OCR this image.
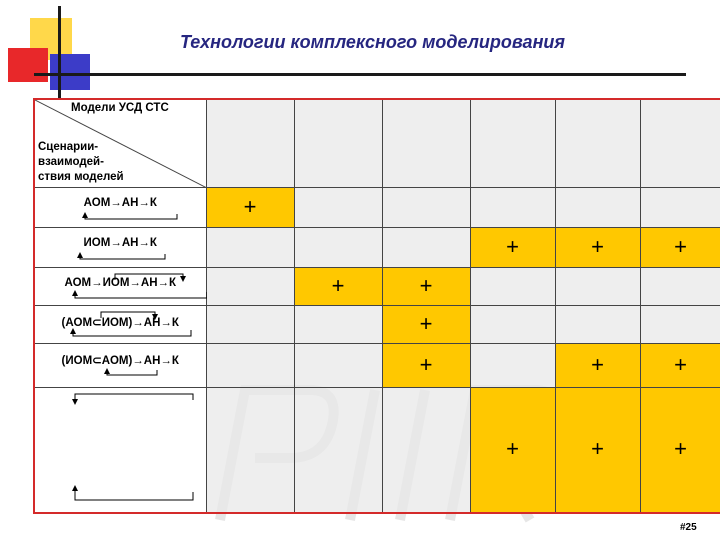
Технологии комплексного моделирования
Модели УСД СТС
Сценарии-
взаимодей-
ствия моделей						

АОМ→АН→К	+					

ИОМ→АН→К				+	+	+

АОМ→ИОМ→АН→К		+	+			

(АОМ⊂ИОМ)→АН→К			+			

(ИОМ⊂АОМ)→АН→К			+		+	+

				+	+	+
#25
